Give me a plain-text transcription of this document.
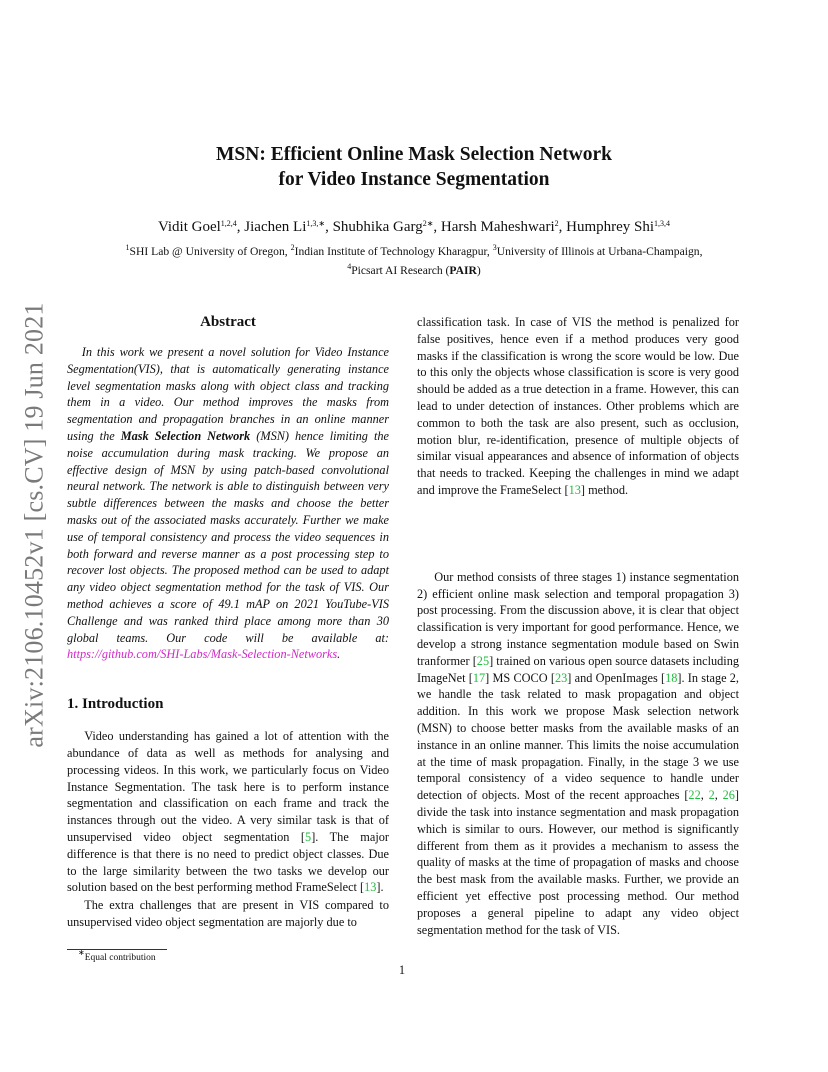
arXiv:2106.10452v1 [cs.CV] 19 Jun 2021
MSN: Efficient Online Mask Selection Network
for Video Instance Segmentation
Vidit Goel$^{1,2,4}$, Jiachen $Li^{1,3,∗}$, Shubhika Garg$^{2∗}$, Harsh Maheshwari$^2$, Humphrey Shi$^{1,3,4}$
$^1$SHI Lab @ University of Oregon, $^2$Indian Institute of Technology Kharagpur, $^3$University of Illinois at Urbana-Champaign,
$^4$Picsart AI Research (PAIR)
Abstract

In this work we present a novel solution for Video Instance Segmentation(VIS), that is automatically generating instance level segmentation masks along with object class and tracking them in a video. Our method improves the masks from segmentation and propagation branches in an online manner using the Mask Selection Network (MSN) hence limiting the noise accumulation during mask tracking. We propose an effective design of MSN by using patch-based convolutional neural network. The network is able to distinguish between very subtle differences between the masks and choose the better masks out of the associated masks accurately. Further we make use of temporal consistency and process the video sequences in both forward and reverse manner as a post processing step to recover lost objects. The proposed method can be used to adapt any video object segmentation method for the task of VIS. Our method achieves a score of 49.1 mAP on 2021 YouTube-VIS Challenge and was ranked third place among more than 30 global teams. Our code will be available at: https://github.com/SHI-Labs/Mask-Selection-Networks.

1. Introduction

Video understanding has gained a lot of attention with the abundance of data as well as methods for analysing and processing videos. In this work, we particularly focus on Video Instance Segmentation. The task here is to perform instance segmentation and classification on each frame and track the instances through out the video. A very similar task is that of unsupervised video object segmentation [5]. The major difference is that there is no need to predict object classes. Due to the large similarity between the two tasks we develop our solution based on the best performing method FrameSelect [13].

The extra challenges that are present in VIS compared to unsupervised video object segmentation are majorly due to

classification task. In case of VIS the method is penalized for false positives, hence even if a method produces very good masks if the classification is wrong the score would be low. Due to this only the objects whose classification is score is very good should be added as a true detection in a frame. However, this can lead to under detection of instances. Other problems which are common to both the task are also present, such as occlusion, motion blur, re-identification, presence of multiple objects of similar visual appearances and absence of information of objects that needs to tracked. Keeping the challenges in mind we adapt and improve the FrameSelect [13] method.

Our method consists of three stages 1) instance segmentation 2) efficient online mask selection and temporal propagation 3) post processing. From the discussion above, it is clear that object classification is very important for good performance. Hence, we develop a strong instance segmentation module based on Swin tranformer [25] trained on various open source datasets including ImageNet [17] MS COCO [23] and OpenImages [18]. In stage 2, we handle the task related to mask propagation and object addition. In this work we propose Mask selection network (MSN) to choose better masks from the available masks of an instance in an online manner. This limits the noise accumulation at the time of mask propagation. Finally, in the stage 3 we use temporal consistency of a video sequence to handle under detection of objects. Most of the recent approaches [22, 2, 26] divide the task into instance segmentation and mask propagation which is similar to ours. However, our method is significantly different from them as it provides a mechanism to assess the quality of masks at the time of propagation of masks and choose the best mask from the available masks. Further, we provide an efficient yet effective post processing method. Our method proposes a general pipeline to adapt any video object segmentation method for the task of VIS.

∗Equal contribution
1
